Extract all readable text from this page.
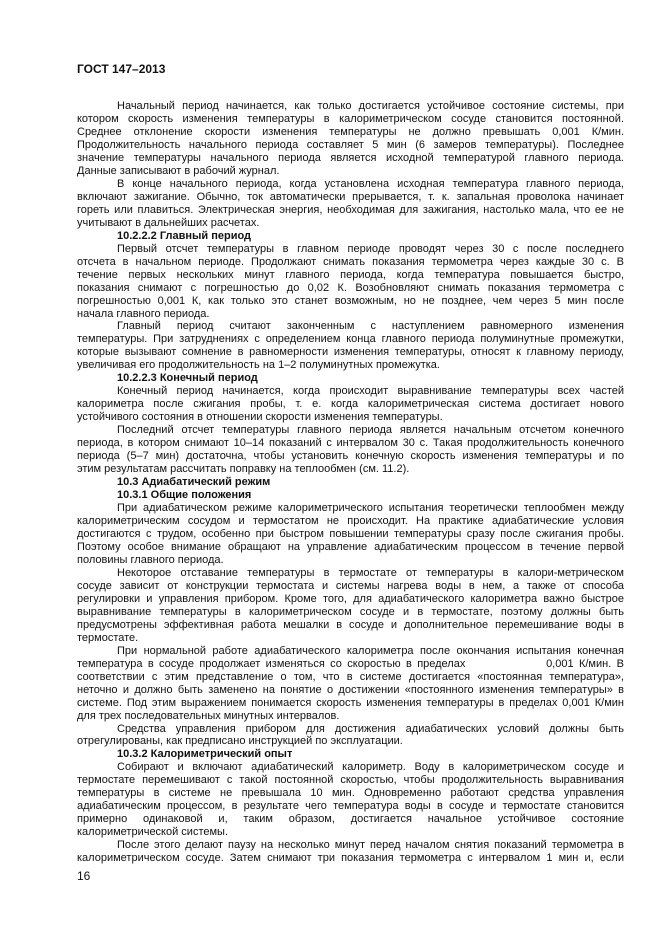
ГОСТ 147–2013
Начальный период начинается, как только достигается устойчивое состояние системы, при
котором скорость изменения температуры в калориметрическом сосуде становится постоянной.
Среднее отклонение скорости изменения температуры не должно превышать 0,001 К/мин.
Продолжительность начального периода составляет 5 мин (6 замеров температуры). Последнее
значение температуры начального периода является исходной температурой главного периода.
Данные записывают в рабочий журнал.
В конце начального периода, когда установлена исходная температура главного периода,
включают зажигание. Обычно, ток автоматически прерывается, т. к. запальная проволока начинает
гореть или плавиться. Электрическая энергия, необходимая для зажигания, настолько мала, что ее не
учитывают в дальнейших расчетах.
10.2.2.2 Главный период
Первый отсчет температуры в главном периоде проводят через 30 с после последнего
отсчета в начальном периоде. Продолжают снимать показания термометра через каждые 30 с. В
течение первых нескольких минут главного периода, когда температура повышается быстро,
показания снимают с погрешностью до 0,02 К. Возобновляют снимать показания термометра с
погрешностью 0,001 К, как только это станет возможным, но не позднее, чем через 5 мин после
начала главного периода.
Главный период считают законченным с наступлением равномерного изменения
температуры. При затруднениях с определением конца главного периода полуминутные промежутки,
которые вызывают сомнение в равномерности изменения температуры, относят к главному периоду,
увеличивая его продолжительность на 1–2 полуминутных промежутка.
10.2.2.3 Конечный период
Конечный период начинается, когда происходит выравнивание температуры всех частей
калориметра после сжигания пробы, т. е. когда калориметрическая система достигает нового
устойчивого состояния в отношении скорости изменения температуры.
Последний отсчет температуры главного периода является начальным отсчетом конечного
периода, в котором снимают 10–14 показаний с интервалом 30 с. Такая продолжительность конечного
периода (5–7 мин) достаточна, чтобы установить конечную скорость изменения температуры и по
этим результатам рассчитать поправку на теплообмен (см. 11.2).
10.3 Адиабатический режим
10.3.1 Общие положения
При адиабатическом режиме калориметрического испытания теоретически теплообмен между
калориметрическим сосудом и термостатом не происходит. На практике адиабатические условия
достигаются с трудом, особенно при быстром повышении температуры сразу после сжигания пробы.
Поэтому особое внимание обращают на управление адиабатическим процессом в течение первой
половины главного периода.
Некоторое отставание температуры в термостате от температуры в калори-метрическом
сосуде зависит от конструкции термостата и системы нагрева воды в нем, а также от способа
регулировки и управления прибором. Кроме того, для адиабатического калориметра важно быстрое
выравнивание температуры в калориметрическом сосуде и в термостате, поэтому должны быть
предусмотрены эффективная работа мешалки в сосуде и дополнительное перемешивание воды в
термостате.
При нормальной работе адиабатического калориметра после окончания испытания конечная
температура в сосуде продолжает изменяться со скоростью в пределах               0,001 К/мин. В
соответствии с этим представление о том, что в системе достигается «постоянная температура»,
неточно и должно быть заменено на понятие о достижении «постоянного изменения температуры» в
системе. Под этим выражением понимается скорость изменения температуры в пределах 0,001 К/мин
для трех последовательных минутных интервалов.
Средства управления прибором для достижения адиабатических условий должны быть
отрегулированы, как предписано инструкцией по эксплуатации.
10.3.2 Калориметрический опыт
Собирают и включают адиабатический калориметр. Воду в калориметрическом сосуде и
термостате перемешивают с такой постоянной скоростью, чтобы продолжительность выравнивания
температуры в системе не превышала 10 мин. Одновременно работают средства управления
адиабатическим процессом, в результате чего температура воды в сосуде и термостате становится
примерно одинаковой и, таким образом, достигается начальное устойчивое состояние
калориметрической системы.
После этого делают паузу на несколько минут перед началом снятия показаний термометра в
калориметрическом сосуде. Затем снимают три показания термометра с интервалом 1 мин и, если
16
